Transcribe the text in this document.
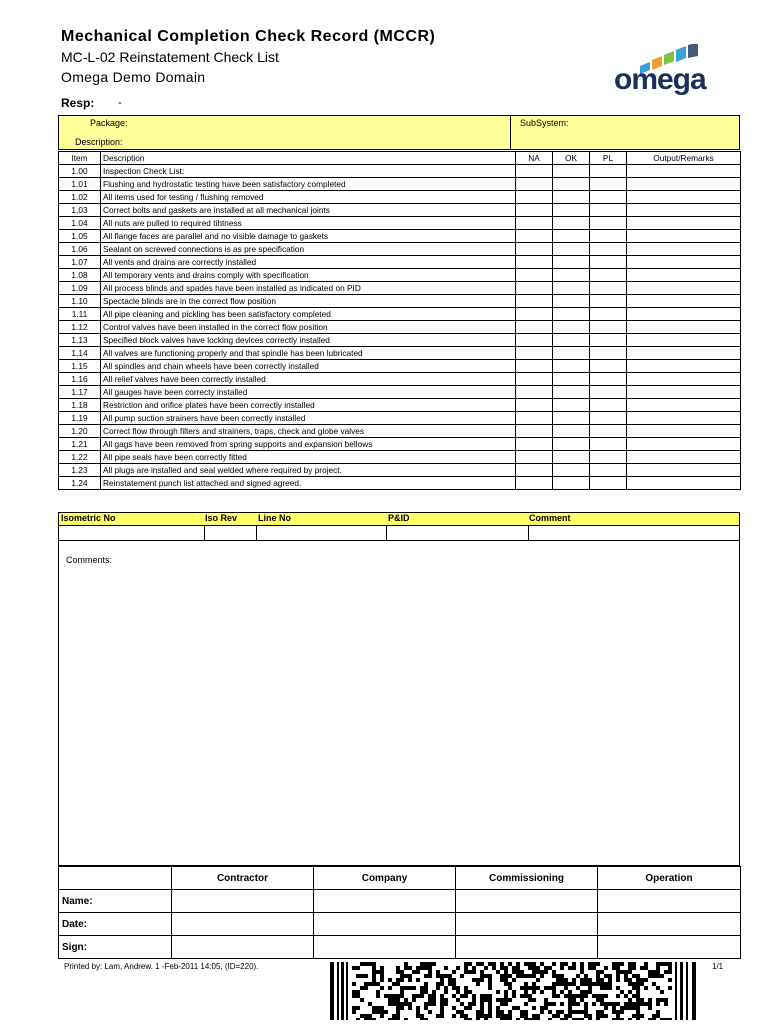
Mechanical Completion Check Record (MCCR)
MC-L-02 Reinstatement Check List
Omega Demo Domain
Resp: -
omega
Package:
Description:
SubSystem:
Item	Description	NA	OK	PL	Output/Remarks
1.00	Inspection Check List:				
1.01	Flushing and hydrostatic testing have been satisfactory completed				
1.02	All items used for testing / flushing removed				
1.03	Correct bolts and gaskets are installed at all mechanical joints				
1.04	All nuts are pulled to required tihtness				
1.05	All flange faces are parallel and no visible damage to gaskets				
1.06	Sealant on screwed connections is as pre specification				
1.07	All vents and drains are correctly installed				
1.08	All temporary vents and drains comply with specification				
1.09	All process blinds and spades have been installed as indicated on PID				
1.10	Spectacle blinds are in the correct flow position				
1.11	All pipe cleaning and pickling has been satisfactory completed				
1.12	Control valves have been installed in the correct flow position				
1.13	Specified block valves have locking devices correctly installed				
1.14	All valves are functioning properly and that spindle has been lubricated				
1.15	All spindles and chain wheels have been correctly installed				
1.16	All relief valves have been correctly installed				
1.17	All gauges have been correcty installed				
1.18	Restriction and orifice plates have been correctly installed				
1.19	All pump suction strainers have been correctly installed				
1.20	Correct flow through filters and strainers, traps, check and globe valves				
1.21	All gags have been removed from spring supports and expansion bellows				
1.22	All pipe seals have been correctly fitted				
1.23	All plugs are installed and seal welded where required by project.				
1.24	Reinstatement punch list attached and signed agreed.				
Isometric No	Iso Rev Line No	P&ID	Comment
Comments:
	Contractor	Company	Commissioning	Operation
Name:				
Date:				
Sign:				
Printed by: Lam, Andrew. 1 -Feb-2011 14:05, (ID=220).	1/1
